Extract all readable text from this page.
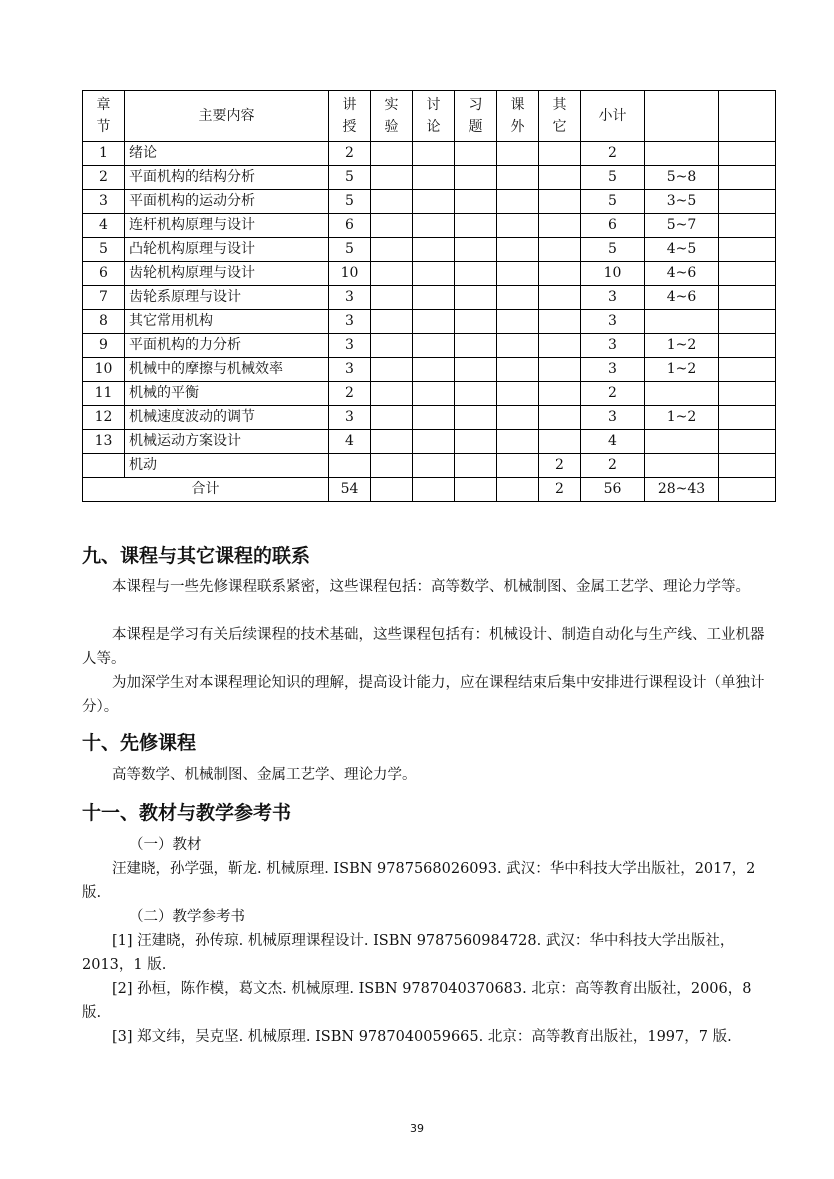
章节	主要内容	讲授	实验	讨论	习题	课外	其它	小计		
1	绪论	2						2		
2	平面机构的结构分析	5						5	5~8	
3	平面机构的运动分析	5						5	3~5	
4	连杆机构原理与设计	6						6	5~7	
5	凸轮机构原理与设计	5						5	4~5	
6	齿轮机构原理与设计	10						10	4~6	
7	齿轮系原理与设计	3						3	4~6	
8	其它常用机构	3						3		
9	平面机构的力分析	3						3	1~2	
10	机械中的摩擦与机械效率	3						3	1~2	
11	机械的平衡	2						2		
12	机械速度波动的调节	3						3	1~2	
13	机械运动方案设计	4						4		
	机动						2	2		
合计		54					2	56	28~43	
九、课程与其它课程的联系

本课程与一些先修课程联系紧密，这些课程包括：高等数学、机械制图、金属工艺学、理论力学等。

本课程是学习有关后续课程的技术基础，这些课程包括有：机械设计、制造自动化与生产线、工业机器人等。

为加深学生对本课程理论知识的理解，提高设计能力，应在课程结束后集中安排进行课程设计（单独计分）。

十、先修课程

高等数学、机械制图、金属工艺学、理论力学。

十一、教材与教学参考书

（一）教材

汪建晓，孙学强，靳龙. 机械原理. ISBN 9787568026093. 武汉：华中科技大学出版社，2017，2 版.

（二）教学参考书

[1] 汪建晓，孙传琼. 机械原理课程设计. ISBN 9787560984728. 武汉：华中科技大学出版社，2013，1 版.

[2] 孙桓，陈作模，葛文杰. 机械原理. ISBN 9787040370683. 北京：高等教育出版社，2006，8 版.

[3] 郑文纬，吴克坚. 机械原理. ISBN 9787040059665. 北京：高等教育出版社，1997，7 版.

39
